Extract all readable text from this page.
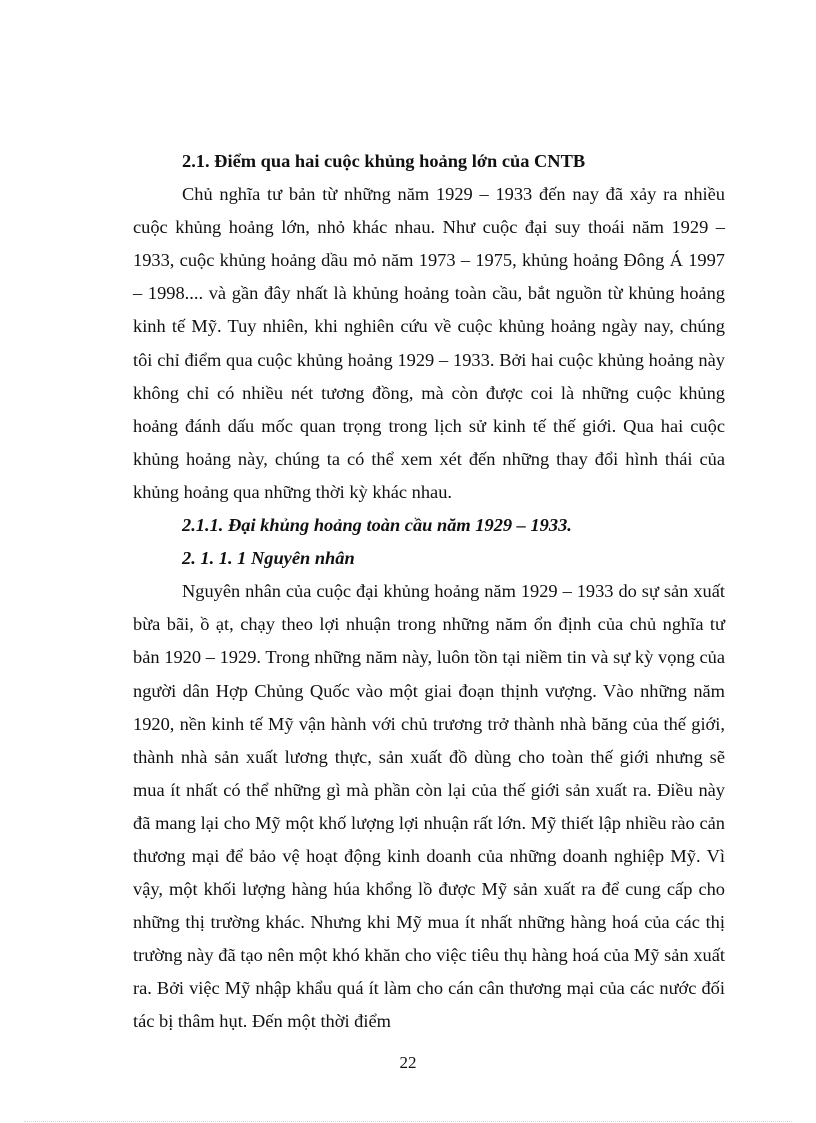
2.1. Điểm qua hai cuộc khủng hoảng lớn của CNTB

Chủ nghĩa tư bản từ những năm 1929 – 1933 đến nay đã xảy ra nhiều cuộc khủng hoảng lớn, nhỏ khác nhau. Như cuộc đại suy thoái năm 1929 – 1933, cuộc khủng hoảng dầu mỏ năm 1973 – 1975, khủng hoảng Đông Á 1997 – 1998.... và gần đây nhất là khủng hoảng toàn cầu, bắt nguồn từ khủng hoảng kinh tế Mỹ. Tuy nhiên, khi nghiên cứu về cuộc khủng hoảng ngày nay, chúng tôi chỉ điểm qua cuộc khủng hoảng 1929 – 1933. Bởi hai cuộc khủng hoảng này không chỉ có nhiều nét tương đồng, mà còn được coi là những cuộc khủng hoảng đánh dấu mốc quan trọng trong lịch sử kinh tế thế giới. Qua hai cuộc khủng hoảng này, chúng ta có thể xem xét đến những thay đổi hình thái của khủng hoảng qua những thời kỳ khác nhau.

2.1.1. Đại khủng hoảng toàn cầu năm 1929 – 1933.

2. 1. 1. 1 Nguyên nhân

Nguyên nhân của cuộc đại khủng hoảng năm 1929 – 1933 do sự sản xuất bừa bãi, ồ ạt, chạy theo lợi nhuận trong những năm ổn định của chủ nghĩa tư bản 1920 – 1929. Trong những năm này, luôn tồn tại niềm tin và sự kỳ vọng của người dân Hợp Chủng Quốc vào một giai đoạn thịnh vượng. Vào những năm 1920, nền kinh tế Mỹ vận hành với chủ trương trở thành nhà băng của thế giới, thành nhà sản xuất lương thực, sản xuất đồ dùng cho toàn thế giới nhưng sẽ mua ít nhất có thể những gì mà phần còn lại của thế giới sản xuất ra. Điều này đã mang lại cho Mỹ một khố lượng lợi nhuận rất lớn. Mỹ thiết lập nhiều rào cản thương mại để bảo vệ hoạt động kinh doanh của những doanh nghiệp Mỹ. Vì vậy, một khối lượng hàng húa khổng lồ được Mỹ sản xuất ra để cung cấp cho những thị trường khác. Nhưng khi Mỹ mua ít nhất những hàng hoá của các thị trường này đã tạo nên một khó khăn cho việc tiêu thụ hàng hoá của Mỹ sản xuất ra. Bởi việc Mỹ nhập khẩu quá ít làm cho cán cân thương mại của các nước đối tác bị thâm hụt. Đến một thời điểm

22
